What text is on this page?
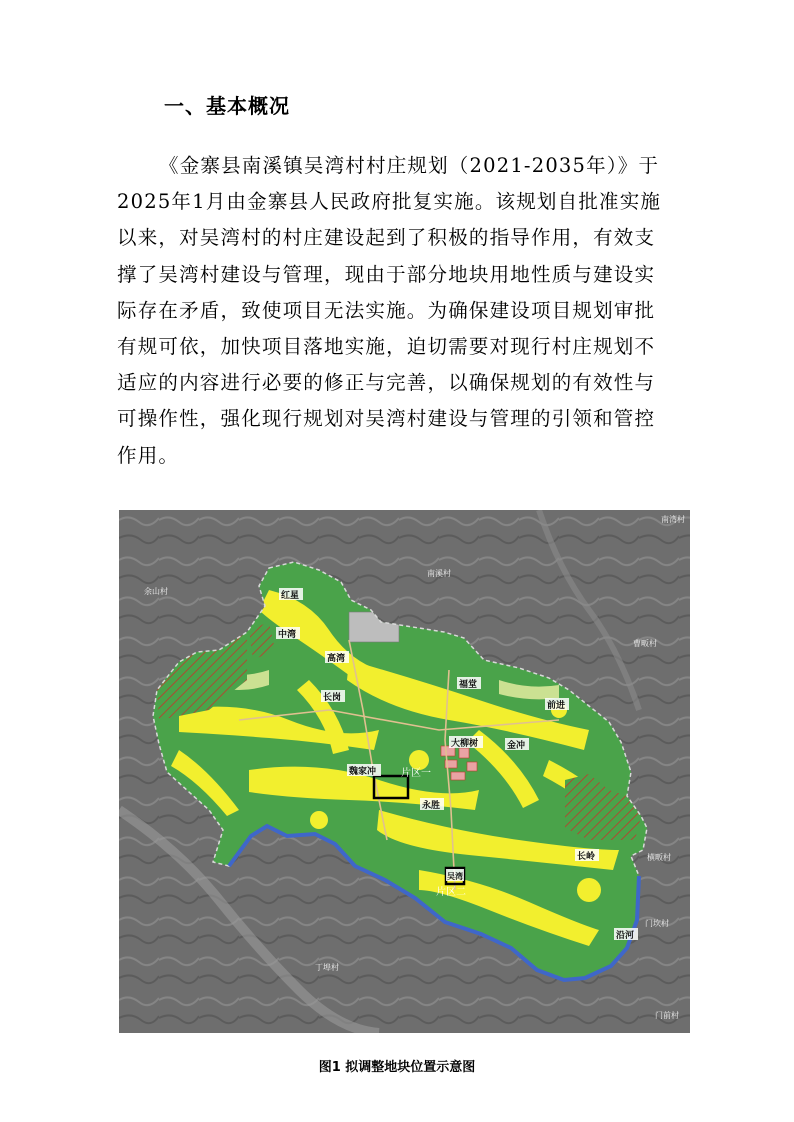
一、基本概况
《金寨县南溪镇吴湾村村庄规划（2021-2035年）》于
2025年1月由金寨县人民政府批复实施。该规划自批准实施
以来，对吴湾村的村庄建设起到了积极的指导作用，有效支
撑了吴湾村建设与管理，现由于部分地块用地性质与建设实
际存在矛盾，致使项目无法实施。为确保建设项目规划审批
有规可依，加快项目落地实施，迫切需要对现行村庄规划不
适应的内容进行必要的修正与完善，以确保规划的有效性与
可操作性，强化现行规划对吴湾村建设与管理的引领和管控
作用。
南湾村
余山村
南溪村
曹畈村
横畈村
门坎村
丁埠村
门前村
红星
中湾
高湾
长岗
福堂
前进
大柳树	金冲
魏家冲
永胜
长岭
沿河
吴湾
片区一
片区二
图1 拟调整地块位置示意图
